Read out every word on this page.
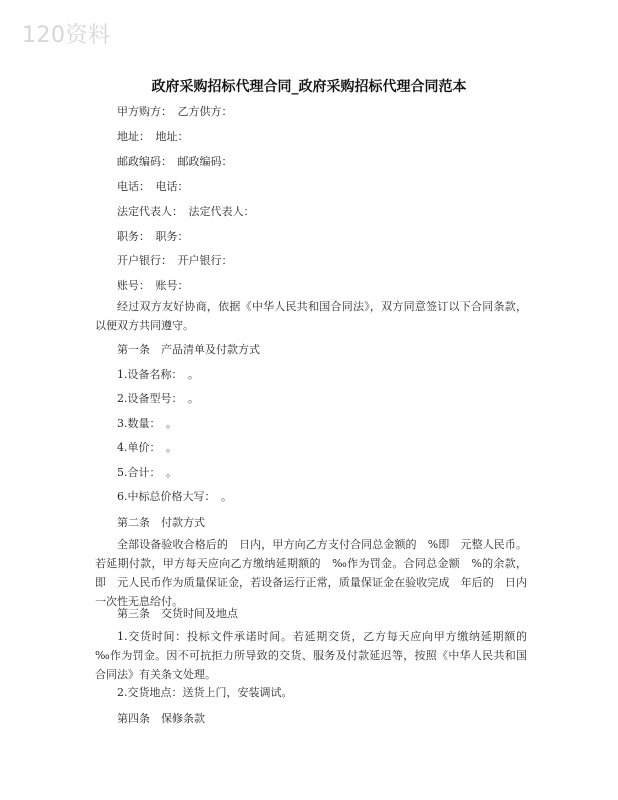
120资料
政府采购招标代理合同_政府采购招标代理合同范本
甲方购方：　乙方供方：
地址：　地址：
邮政编码：　邮政编码：
电话：　电话：
法定代表人：　法定代表人：
职务：　职务：
开户银行：　开户银行：
账号：　账号：
经过双方友好协商，依据《中华人民共和国合同法》，双方同意签订以下合同条款，以便双方共同遵守。
第一条　产品清单及付款方式
1.设备名称：　。
2.设备型号：　。
3.数量：　。
4.单价：　。
5.合计：　。
6.中标总价格大写：　。
第二条　付款方式
全部设备验收合格后的　日内，甲方向乙方支付合同总金额的　%即　元整人民币。若延期付款，甲方每天应向乙方缴纳延期额的　‰作为罚金。合同总金额　%的余款，即　元人民币作为质量保证金，若设备运行正常，质量保证金在验收完成　年后的　日内一次性无息给付。
第三条　交货时间及地点
1.交货时间：投标文件承诺时间。若延期交货，乙方每天应向甲方缴纳延期额的　‰作为罚金。因不可抗拒力所导致的交货、服务及付款延迟等，按照《中华人民共和国合同法》有关条文处理。
2.交货地点：送货上门，安装调试。
第四条　保修条款
